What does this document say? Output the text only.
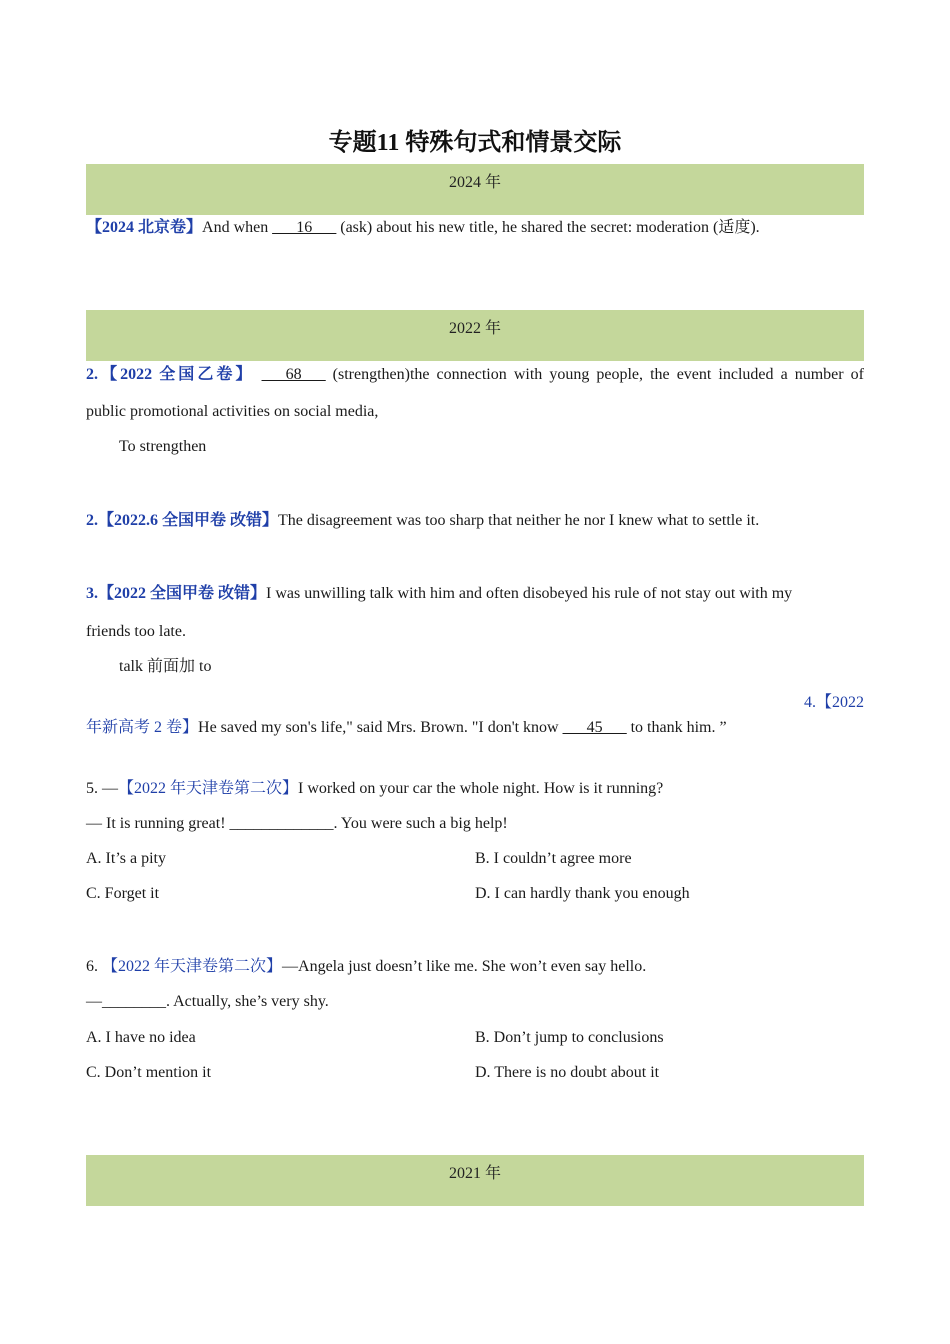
专题11 特殊句式和情景交际
2024 年
【2024 北京卷】And when ___16___ (ask) about his new title, he shared the secret: moderation (适度).
2022 年
2.【2022 全国乙卷】 ___68___ (strengthen)the connection with young people, the event included a number of
public promotional activities on social media,
To strengthen
2.【2022.6 全国甲卷 改错】The disagreement was too sharp that neither he nor I knew what to settle it.
3.【2022 全国甲卷 改错】I was unwilling talk with him and often disobeyed his rule of not stay out with my
friends too late.
talk 前面加 to
4.【2022
年新高考 2 卷】He saved my son's life," said Mrs. Brown. "I don't know ___45___ to thank him. ”
5. —【2022 年天津卷第二次】I worked on your car the whole night. How is it running?
— It is running great! _____________. You were such a big help!
A. It’s a pity	B. I couldn’t agree more
C. Forget it	D. I can hardly thank you enough
6. 【2022 年天津卷第二次】—Angela just doesn’t like me. She won’t even say hello.
—________. Actually, she’s very shy.
A. I have no idea	B. Don’t jump to conclusions
C. Don’t mention it	D. There is no doubt about it
2021 年
